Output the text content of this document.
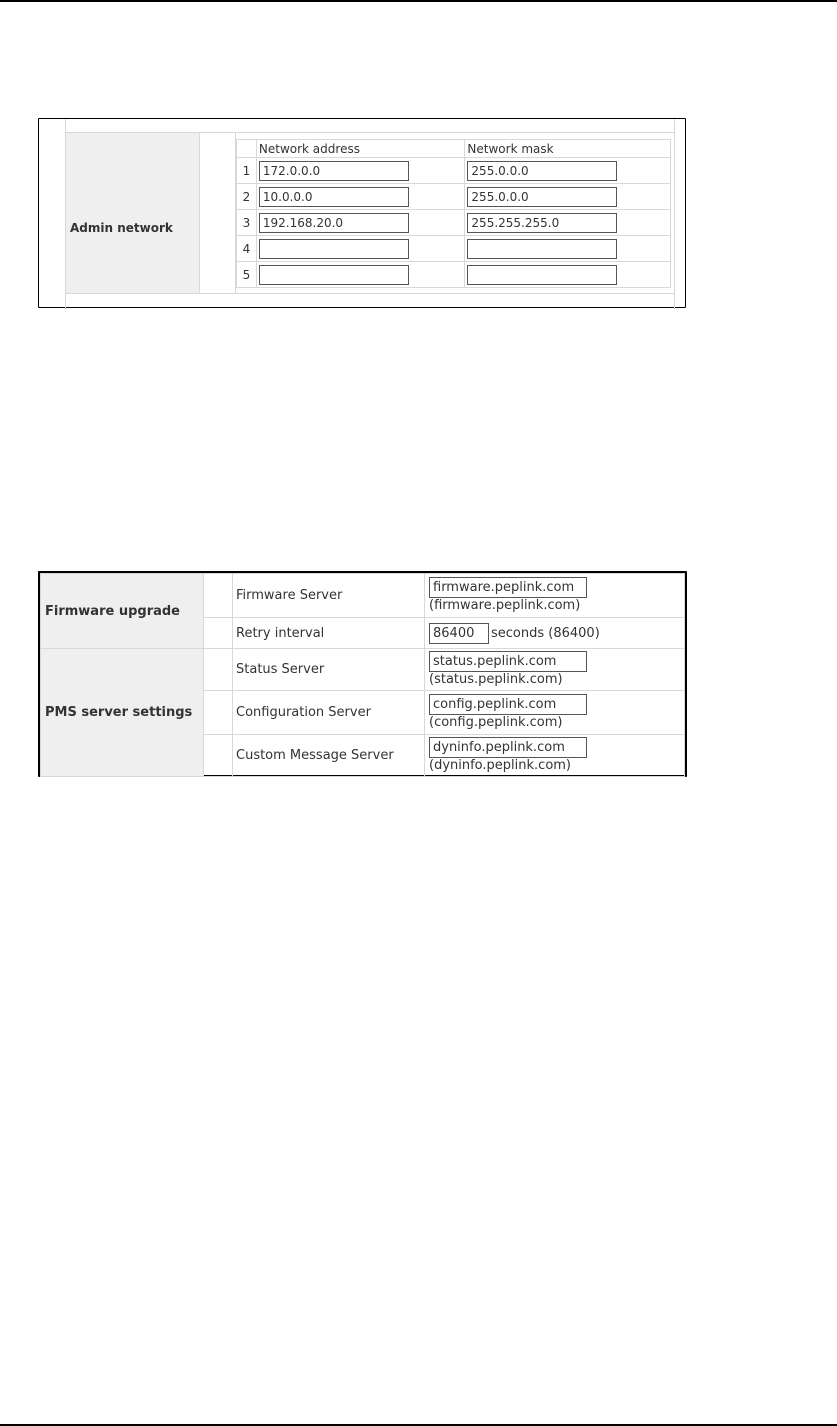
Admin network
	Network address	Network mask
1	172.0.0.0	255.0.0.0
2	10.0.0.0	255.0.0.0
3	192.168.20.0	255.255.255.0
4		
5		
Firmware upgrade		Firmware Server	firmware.peplink.com
(firmware.peplink.com)

		Retry interval	86400 seconds (86400)
PMS server settings		Status Server	status.peplink.com
(status.peplink.com)

		Configuration Server	config.peplink.com
(config.peplink.com)

		Custom Message Server	dyninfo.peplink.com
(dyninfo.peplink.com)
